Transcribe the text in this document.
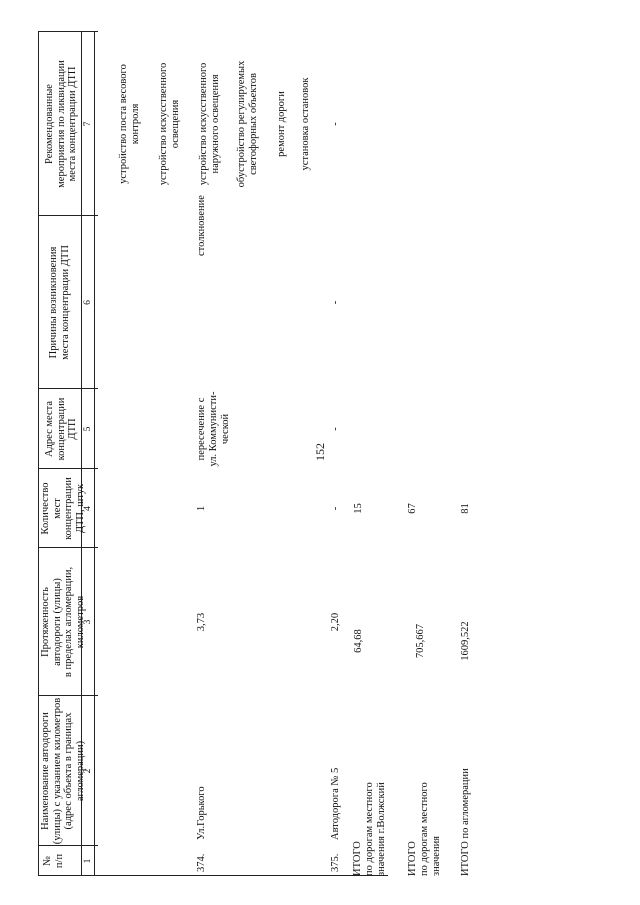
152
№ п/п
Наименование автодороги (улицы) с указанием километров (адрес объекта в границах агломерации)
Протяженность автодороги (улицы) в пределах агломерации, километров
Количество мест концентрации ДТП, штук
Адрес места концентрации ДТП
Причины возникновения места концентрации ДТП
Рекомендованные мероприятия по ликвидации места концентрации ДТП
1
2
3
4
5
6
7
374.
Ул.Горького
3,73
1
пересечение с ул. Коммунисти- ческой
столкновение
устройство поста весового контроля устройство искусственного освещения устройство искусственного наружного освещения обустройство регулируемых светофорных объектов ремонт дороги установка остановок
375.
Автодорога № 5
2,20
-
-
-
-
ИТОГО по дорогам местного значения г.Волжский
64,68
15
ИТОГО по дорогам местного значения
705,667
67
ИТОГО по агломерации
1609,522
81
